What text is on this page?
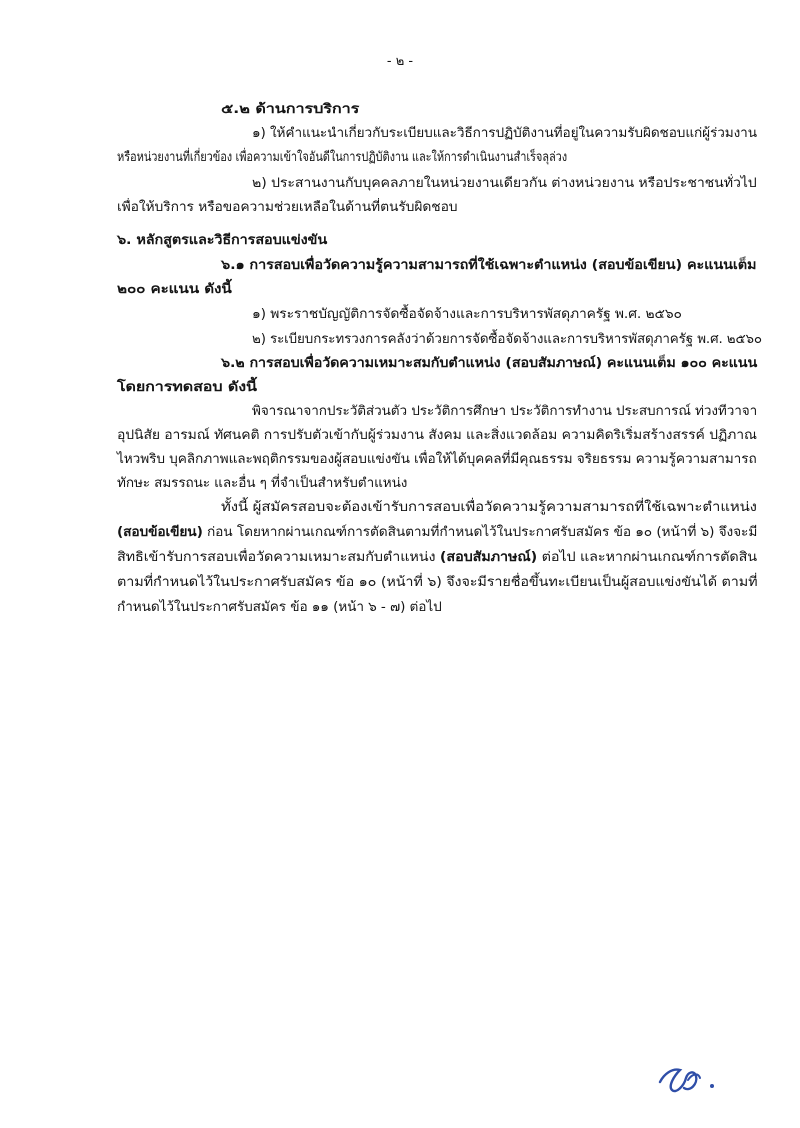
- ๒ -
๕.๒ ด้านการบริการ
๑) ให้คำแนะนำเกี่ยวกับระเบียบและวิธีการปฏิบัติงานที่อยู่ในความรับผิดชอบแก่ผู้ร่วมงาน
หรือหน่วยงานที่เกี่ยวข้อง เพื่อความเข้าใจอันดีในการปฏิบัติงาน และให้การดำเนินงานสำเร็จลุล่วง
๒) ประสานงานกับบุคคลภายในหน่วยงานเดียวกัน ต่างหน่วยงาน หรือประชาชนทั่วไป
เพื่อให้บริการ หรือขอความช่วยเหลือในด้านที่ตนรับผิดชอบ
๖. หลักสูตรและวิธีการสอบแข่งขัน
๖.๑ การสอบเพื่อวัดความรู้ความสามารถที่ใช้เฉพาะตำแหน่ง (สอบข้อเขียน) คะแนนเต็ม
๒๐๐ คะแนน ดังนี้
๑) พระราชบัญญัติการจัดซื้อจัดจ้างและการบริหารพัสดุภาครัฐ พ.ศ. ๒๕๖๐
๒) ระเบียบกระทรวงการคลังว่าด้วยการจัดซื้อจัดจ้างและการบริหารพัสดุภาครัฐ พ.ศ. ๒๕๖๐
๖.๒ การสอบเพื่อวัดความเหมาะสมกับตำแหน่ง (สอบสัมภาษณ์) คะแนนเต็ม ๑๐๐ คะแนน
โดยการทดสอบ ดังนี้
พิจารณาจากประวัติส่วนตัว ประวัติการศึกษา ประวัติการทำงาน ประสบการณ์ ท่วงทีวาจา
อุปนิสัย อารมณ์ ทัศนคติ การปรับตัวเข้ากับผู้ร่วมงาน สังคม และสิ่งแวดล้อม ความคิดริเริ่มสร้างสรรค์ ปฏิภาณ
ไหวพริบ บุคลิกภาพและพฤติกรรมของผู้สอบแข่งขัน เพื่อให้ได้บุคคลที่มีคุณธรรม จริยธรรม ความรู้ความสามารถ
ทักษะ สมรรถนะ และอื่น ๆ ที่จำเป็นสำหรับตำแหน่ง
ทั้งนี้ ผู้สมัครสอบจะต้องเข้ารับการสอบเพื่อวัดความรู้ความสามารถที่ใช้เฉพาะตำแหน่ง
(สอบข้อเขียน) ก่อน โดยหากผ่านเกณฑ์การตัดสินตามที่กำหนดไว้ในประกาศรับสมัคร ข้อ ๑๐ (หน้าที่ ๖) จึงจะมี
สิทธิเข้ารับการสอบเพื่อวัดความเหมาะสมกับตำแหน่ง (สอบสัมภาษณ์) ต่อไป และหากผ่านเกณฑ์การตัดสิน
ตามที่กำหนดไว้ในประกาศรับสมัคร ข้อ ๑๐ (หน้าที่ ๖) จึงจะมีรายชื่อขึ้นทะเบียนเป็นผู้สอบแข่งขันได้ ตามที่
กำหนดไว้ในประกาศรับสมัคร ข้อ ๑๑ (หน้า ๖ - ๗) ต่อไป
